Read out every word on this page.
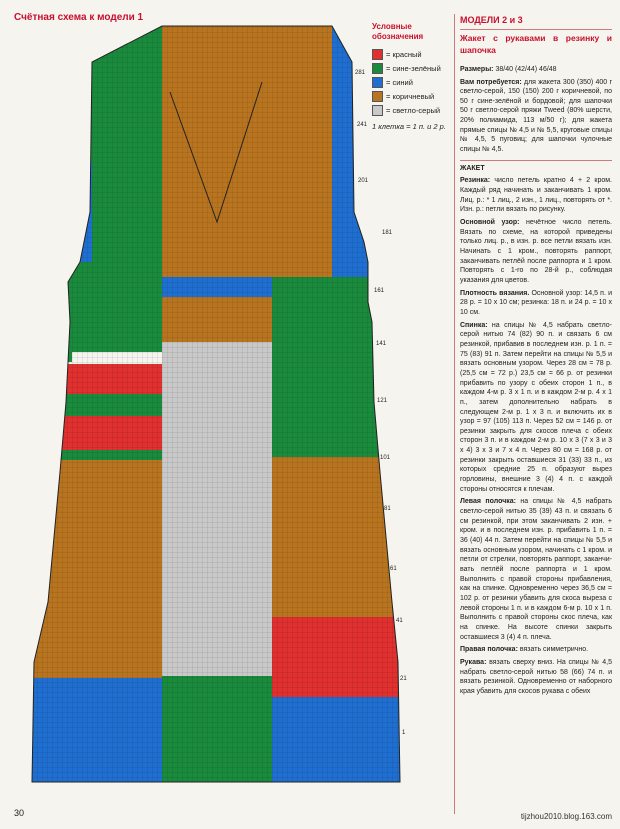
Счётная схема к модели 1
281
241
201
181
161
141
121
101
81
61
41
21
1
Условные обозначения
= красный
= сине-зелёный
= синий
= коричневый
= светло-серый
1 клетка = 1 п. и 2 р.
МОДЕЛИ 2 и 3
Жакет с рукавами в резинку и шапочка

Размеры: 38/40 (42/44) 46/48

Вам потребуется: для жакета 300 (350) 400 г светло-серой, 150 (150) 200 г коричневой, по 50 г сине-зелёной и бордовой; для шапочки 50 г светло-серой пряжи Tweed (80% шерсти, 20% полиамида, 113 м/50 г); для жакета прямые спицы № 4,5 и № 5,5, круговые спицы № 4,5, 5 пуговиц; для шапочки чулочные спицы № 4,5.

ЖАКЕТ

Резинка: число петель кратно 4 + 2 кром. Каждый ряд начинать и заканчивать 1 кром. Лиц. р.: * 1 лиц., 2 изн., 1 лиц., повторять от *. Изн. р.: петли вязать по рисунку.

Основной узор: нечётное число петель. Вязать по схеме, на которой приведены только лиц. р., в изн. р. все петли вязать изн. Начинать с 1 кром., повторять раппорт, заканчивать петлёй после раппорта и 1 кром. Повторять с 1-го по 28-й р., соблюдая указания для цветов.

Плотность вязания. Основной узор: 14,5 п. и 28 р. = 10 х 10 см; резинка: 18 п. и 24 р. = 10 х 10 см.

Спинка: на спицы № 4,5 набрать светло-серой нитью 74 (82) 90 п. и связать 6 см резинкой, прибавив в последнем изн. р. 1 п. = 75 (83) 91 п. Затем перейти на спицы № 5,5 и вязать основным узором. Через 28 см = 78 р. (25,5 см = 72 р.) 23,5 см = 66 р. от резинки прибавить по узору с обеих сторон 1 п., в каждом 4-м р. 3 х 1 п. и в каждом 2-м р. 4 х 1 п., затем дополнительно набрать в следующем 2-м р. 1 х 3 п. и включить их в узор = 97 (105) 113 п. Через 52 см = 146 р. от резинки закрыть для скосов плеча с обеих сторон 3 п. и в каждом 2-м р. 10 х 3 (7 х 3 и 3 х 4) 3 х 3 и 7 х 4 п. Через 80 см = 168 р. от резинки закрыть оставшиеся 31 (33) 33 п., из которых средние 25 п. образуют вырез горловины, внешние 3 (4) 4 п. с каждой стороны относятся к плечам.

Левая полочка: на спицы № 4,5 набрать светло-серой нитью 35 (39) 43 п. и связать 6 см резинкой, при этом заканчивать 2 изн. + кром. и в последнем изн. р. прибавить 1 п. = 36 (40) 44 п. Затем перейти на спицы № 5,5 и вязать основным узором, начинать с 1 кром. и петли от стрелки, повторять раппорт, заканчивать петлёй после раппорта и 1 кром. Выполнить с правой стороны прибавления, как на спинке. Одновременно через 36,5 см = 102 р. от резинки убавить для скоса выреза с левой стороны 1 п. и в каждом 6-м р. 10 х 1 п. Выполнить с правой стороны скос плеча, как на спинке. На высоте спинки закрыть оставшиеся 3 (4) 4 п. плеча.

Правая полочка: вязать симметрично.

Рукава: вязать сверху вниз. На спицы № 4,5 набрать светло-серой нитью 58 (66) 74 п. и вязать резинкой. Одновременно от наборного края убавить для скосов рукава с обеих

30	tijzhou2010.blog.163.com
